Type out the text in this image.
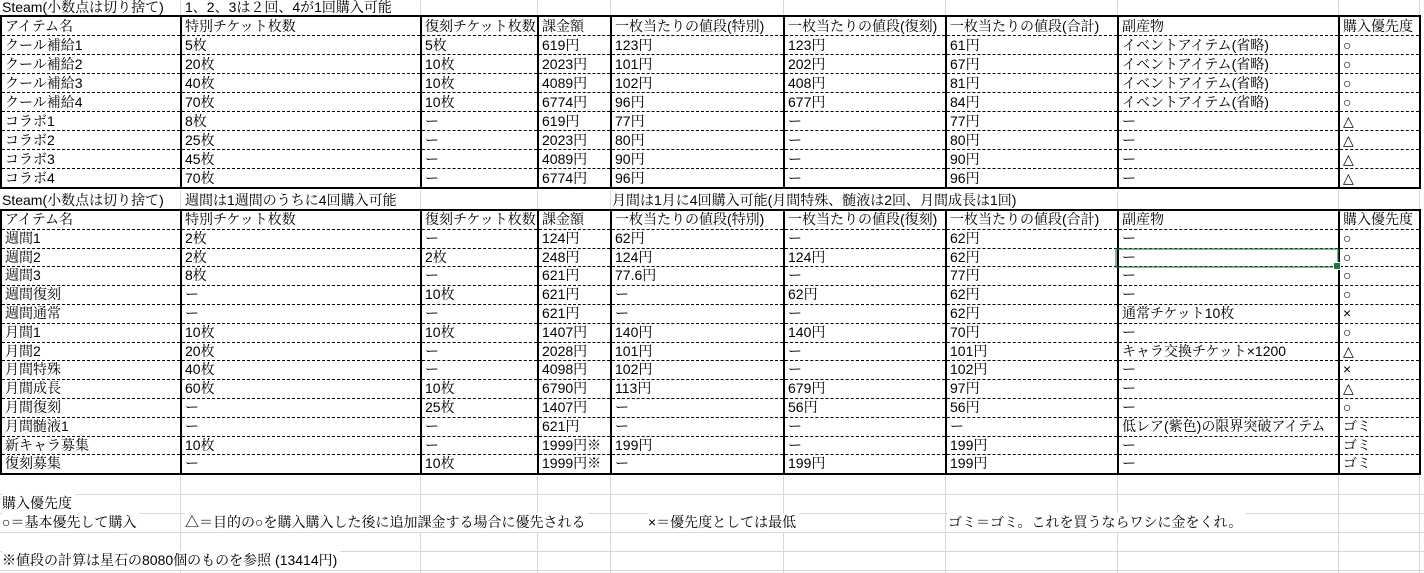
Steam(小数点は切り捨て) 1、2、3は２回、4が1回購入可能
アイテム名	特別チケット枚数	復刻チケット枚数	課金額	一枚当たりの値段(特別)	一枚当たりの値段(復刻)	一枚当たりの値段(合計)	副産物	購入優先度
クール補給1	5枚	5枚	619円	123円	123円	61円	イベントアイテム(省略)	○
クール補給2	20枚	10枚	2023円	101円	202円	67円	イベントアイテム(省略)	○
クール補給3	40枚	10枚	4089円	102円	408円	81円	イベントアイテム(省略)	○
クール補給4	70枚	10枚	6774円	96円	677円	84円	イベントアイテム(省略)	○
コラボ1	8枚	ー	619円	77円	ー	77円	ー	△
コラボ2	25枚	ー	2023円	80円	ー	80円	ー	△
コラボ3	45枚	ー	4089円	90円	ー	90円	ー	△
コラボ4	70枚	ー	6774円	96円	ー	96円	ー	△
Steam(小数点は切り捨て) 週間は1週間のうちに4回購入可能	月間は1月に4回購入可能(月間特殊、髄液は2回、月間成長は1回)
アイテム名	特別チケット枚数	復刻チケット枚数	課金額	一枚当たりの値段(特別)	一枚当たりの値段(復刻)	一枚当たりの値段(合計)	副産物	購入優先度
週間1	2枚	ー	124円	62円	ー	62円	ー	○
週間2	2枚	2枚	248円	124円	124円	62円	ー	○
週間3	8枚	ー	621円	77.6円	ー	77円	ー	○
週間復刻	ー	10枚	621円	ー	62円	62円	ー	○
週間通常	ー	ー	621円	ー	ー	62円	通常チケット10枚	×
月間1	10枚	10枚	1407円	140円	140円	70円	ー	○
月間2	20枚	ー	2028円	101円	ー	101円	キャラ交換チケット×1200	△
月間特殊	40枚	ー	4098円	102円	ー	102円	ー	×
月間成長	60枚	10枚	6790円	113円	679円	97円	ー	△
月間復刻	ー	25枚	1407円	ー	56円	56円	ー	○
月間髄液1	ー	ー	621円	ー	ー	ー	低レア(紫色)の限界突破アイテム	ゴミ
新キャラ募集	10枚	ー	1999円※	199円	ー	199円	ー	ゴミ
復刻募集	ー	10枚	1999円※	ー	199円	199円	ー	ゴミ
購入優先度
○＝基本優先して購入	△＝目的の○を購入購入した後に追加課金する場合に優先される	×＝優先度としては最低	ゴミ＝ゴミ。これを買うならワシに金をくれ。
※値段の計算は星石の8080個のものを参照 (13414円)
